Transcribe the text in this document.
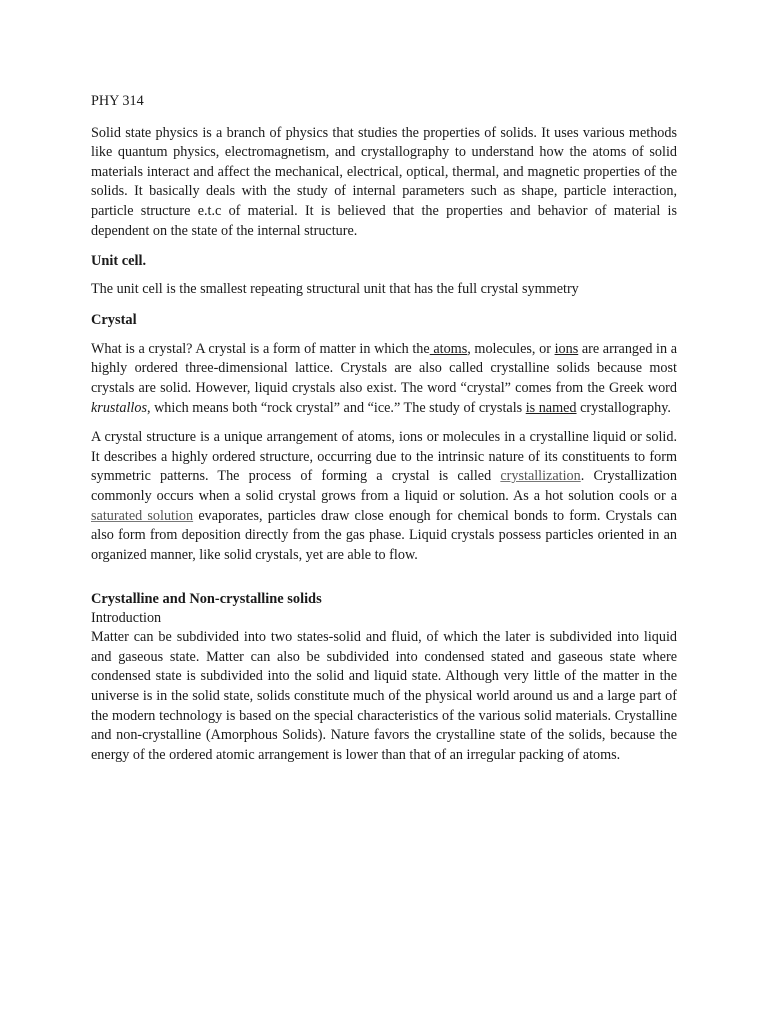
PHY 314

Solid state physics is a branch of physics that studies the properties of solids. It uses various methods like quantum physics, electromagnetism, and crystallography to understand how the atoms of solid materials interact and affect the mechanical, electrical, optical, thermal, and magnetic properties of the solids. It basically deals with the study of internal parameters such as shape, particle interaction, particle structure e.t.c of material. It is believed that the properties and behavior of material is dependent on the state of the internal structure.

Unit cell.

The unit cell is the smallest repeating structural unit that has the full crystal symmetry

Crystal

What is a crystal? A crystal is a form of matter in which the atoms, molecules, or ions are arranged in a highly ordered three-dimensional lattice. Crystals are also called crystalline solids because most crystals are solid. However, liquid crystals also exist. The word “crystal” comes from the Greek word krustallos, which means both “rock crystal” and “ice.” The study of crystals is named crystallography.

A crystal structure is a unique arrangement of atoms, ions or molecules in a crystalline liquid or solid. It describes a highly ordered structure, occurring due to the intrinsic nature of its constituents to form symmetric patterns. The process of forming a crystal is called crystallization. Crystallization commonly occurs when a solid crystal grows from a liquid or solution. As a hot solution cools or a saturated solution evaporates, particles draw close enough for chemical bonds to form. Crystals can also form from deposition directly from the gas phase. Liquid crystals possess particles oriented in an organized manner, like solid crystals, yet are able to flow.

Crystalline and Non-crystalline solids

Introduction

Matter can be subdivided into two states-solid and fluid, of which the later is subdivided into liquid and gaseous state. Matter can also be subdivided into condensed stated and gaseous state where condensed state is subdivided into the solid and liquid state. Although very little of the matter in the universe is in the solid state, solids constitute much of the physical world around us and a large part of the modern technology is based on the special characteristics of the various solid materials. Crystalline and non-crystalline (Amorphous Solids). Nature favors the crystalline state of the solids, because the energy of the ordered atomic arrangement is lower than that of an irregular packing of atoms.
